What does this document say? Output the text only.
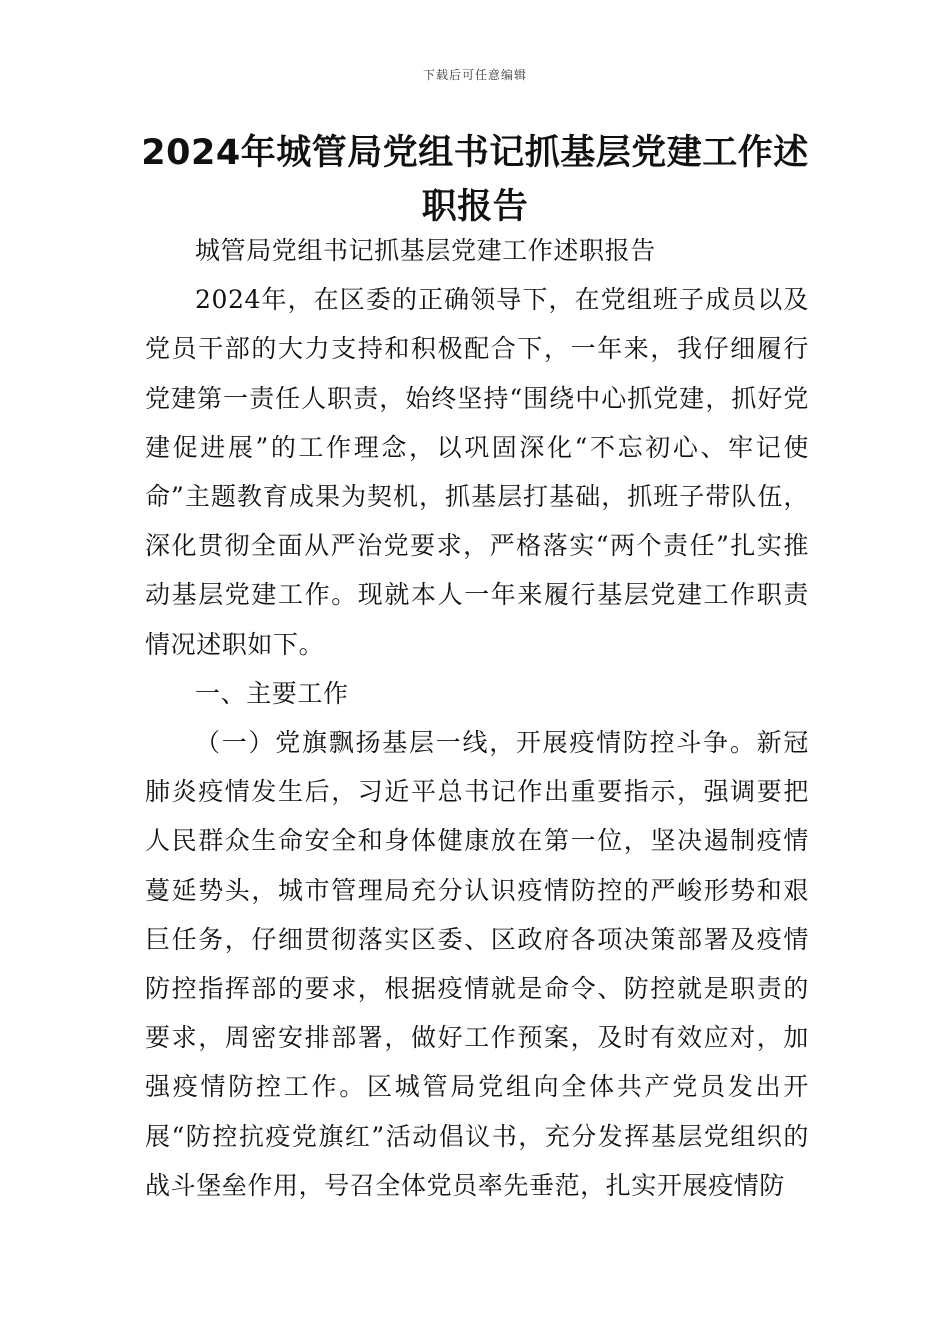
下载后可任意编辑
2024年城管局党组书记抓基层党建工作述职报告

城管局党组书记抓基层党建工作述职报告

2024年，在区委的正确领导下，在党组班子成员以及党员干部的大力支持和积极配合下，一年来，我仔细履行党建第一责任人职责，始终坚持“围绕中心抓党建，抓好党建促进展”的工作理念，以巩固深化“不忘初心、牢记使命”主题教育成果为契机，抓基层打基础，抓班子带队伍，深化贯彻全面从严治党要求，严格落实“两个责任”扎实推动基层党建工作。现就本人一年来履行基层党建工作职责情况述职如下。

一、主要工作

（一）党旗飘扬基层一线，开展疫情防控斗争。新冠肺炎疫情发生后，习近平总书记作出重要指示，强调要把人民群众生命安全和身体健康放在第一位，坚决遏制疫情蔓延势头，城市管理局充分认识疫情防控的严峻形势和艰巨任务，仔细贯彻落实区委、区政府各项决策部署及疫情防控指挥部的要求，根据疫情就是命令、防控就是职责的要求，周密安排部署，做好工作预案，及时有效应对，加强疫情防控工作。区城管局党组向全体共产党员发出开展“防控抗疫党旗红”活动倡议书，充分发挥基层党组织的战斗堡垒作用，号召全体党员率先垂范，扎实开展疫情防
